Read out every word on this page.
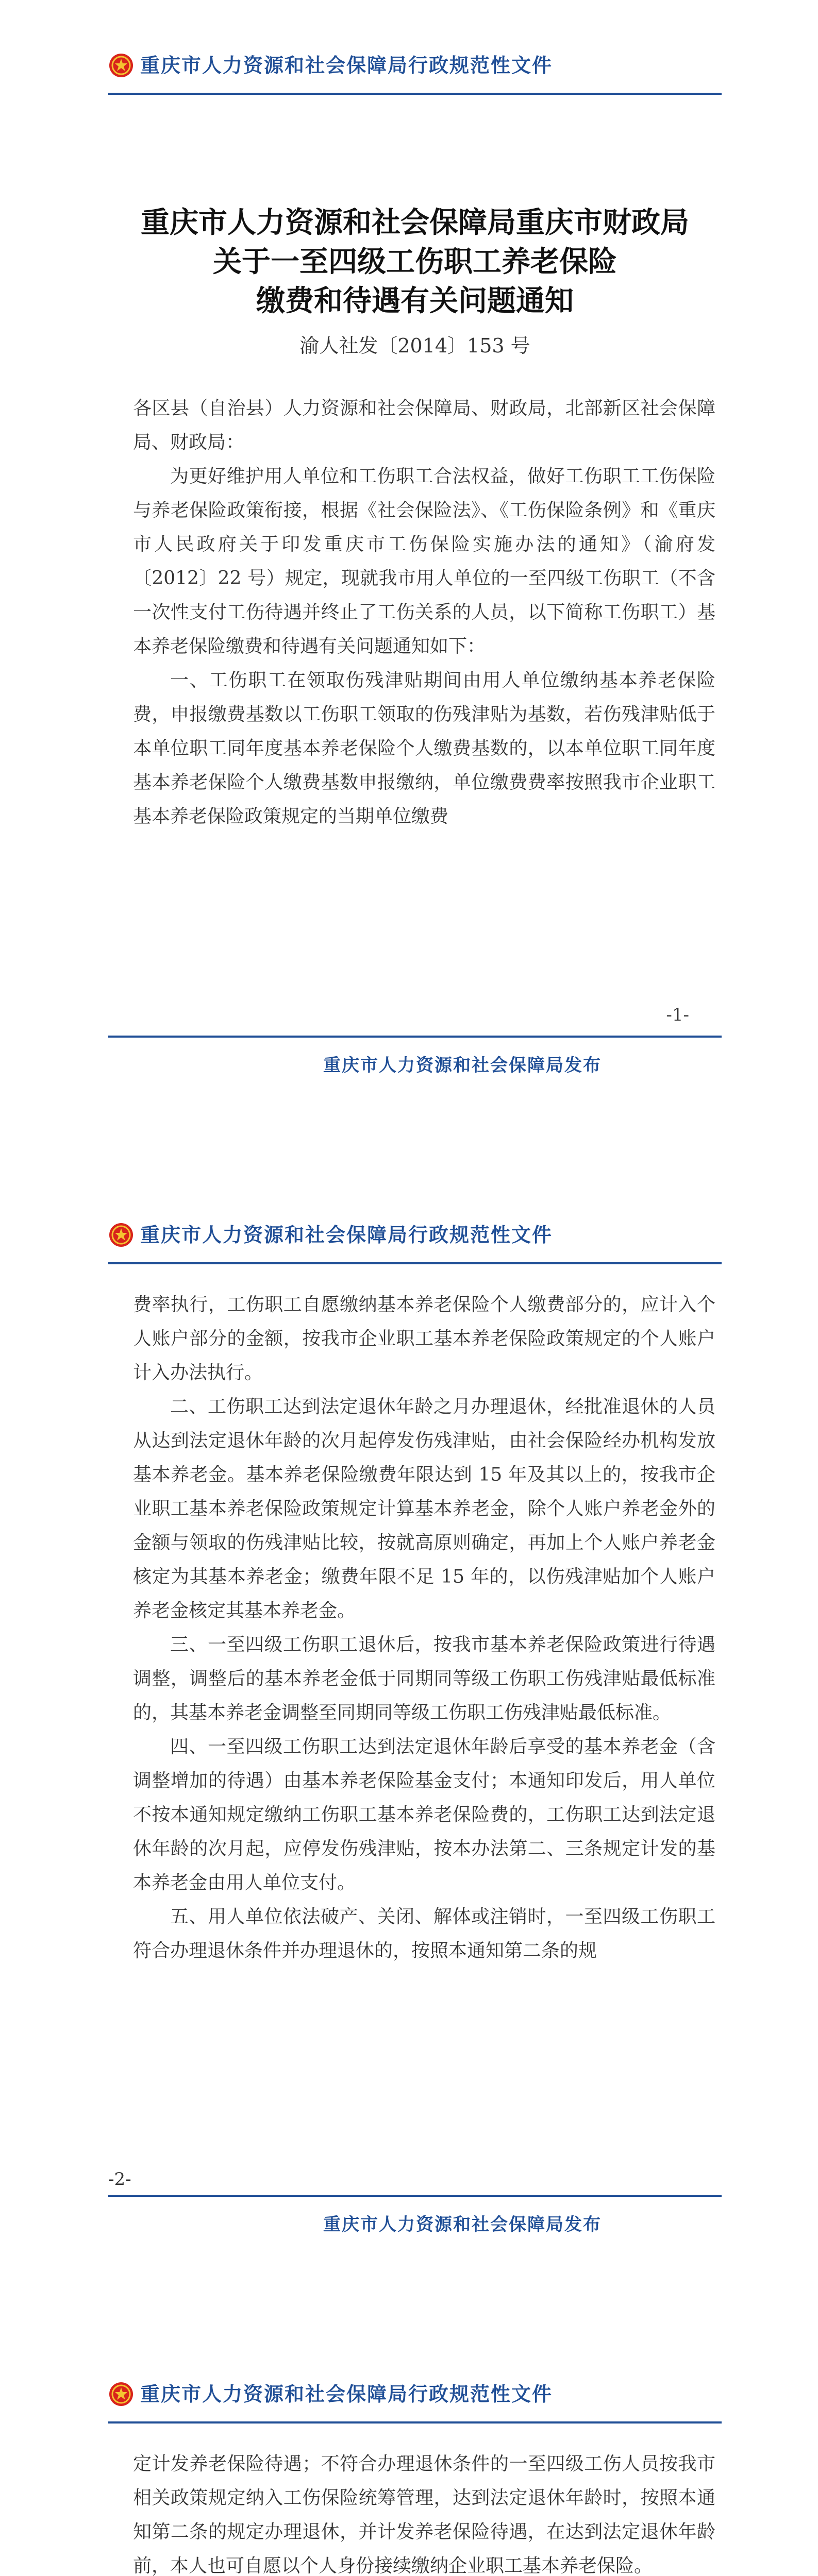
重庆市人力资源和社会保障局行政规范性文件
重庆市人力资源和社会保障局重庆市财政局
关于一至四级工伤职工养老保险
缴费和待遇有关问题通知
渝人社发〔2014〕153 号

各区县（自治县）人力资源和社会保障局、财政局，北部新区社会保障局、财政局：

为更好维护用人单位和工伤职工合法权益，做好工伤职工工伤保险与养老保险政策衔接，根据《社会保险法》、《工伤保险条例》和《重庆市人民政府关于印发重庆市工伤保险实施办法的通知》（渝府发〔2012〕22 号）规定，现就我市用人单位的一至四级工伤职工（不含一次性支付工伤待遇并终止了工伤关系的人员，以下简称工伤职工）基本养老保险缴费和待遇有关问题通知如下：

一、工伤职工在领取伤残津贴期间由用人单位缴纳基本养老保险费，申报缴费基数以工伤职工领取的伤残津贴为基数，若伤残津贴低于本单位职工同年度基本养老保险个人缴费基数的，以本单位职工同年度基本养老保险个人缴费基数申报缴纳，单位缴费费率按照我市企业职工基本养老保险政策规定的当期单位缴费

-1-
重庆市人力资源和社会保障局发布
重庆市人力资源和社会保障局行政规范性文件

费率执行，工伤职工自愿缴纳基本养老保险个人缴费部分的，应计入个人账户部分的金额，按我市企业职工基本养老保险政策规定的个人账户计入办法执行。

二、工伤职工达到法定退休年龄之月办理退休，经批准退休的人员从达到法定退休年龄的次月起停发伤残津贴，由社会保险经办机构发放基本养老金。基本养老保险缴费年限达到 15 年及其以上的，按我市企业职工基本养老保险政策规定计算基本养老金，除个人账户养老金外的金额与领取的伤残津贴比较，按就高原则确定，再加上个人账户养老金核定为其基本养老金；缴费年限不足 15 年的，以伤残津贴加个人账户养老金核定其基本养老金。

三、一至四级工伤职工退休后，按我市基本养老保险政策进行待遇调整，调整后的基本养老金低于同期同等级工伤职工伤残津贴最低标准的，其基本养老金调整至同期同等级工伤职工伤残津贴最低标准。

四、一至四级工伤职工达到法定退休年龄后享受的基本养老金（含调整增加的待遇）由基本养老保险基金支付；本通知印发后，用人单位不按本通知规定缴纳工伤职工基本养老保险费的，工伤职工达到法定退休年龄的次月起，应停发伤残津贴，按本办法第二、三条规定计发的基本养老金由用人单位支付。

五、用人单位依法破产、关闭、解体或注销时，一至四级工伤职工符合办理退休条件并办理退休的，按照本通知第二条的规

-2-
重庆市人力资源和社会保障局发布
重庆市人力资源和社会保障局行政规范性文件

定计发养老保险待遇；不符合办理退休条件的一至四级工伤人员按我市相关政策规定纳入工伤保险统筹管理，达到法定退休年龄时，按照本通知第二条的规定办理退休，并计发养老保险待遇，在达到法定退休年龄前，本人也可自愿以个人身份接续缴纳企业职工基本养老保险。
